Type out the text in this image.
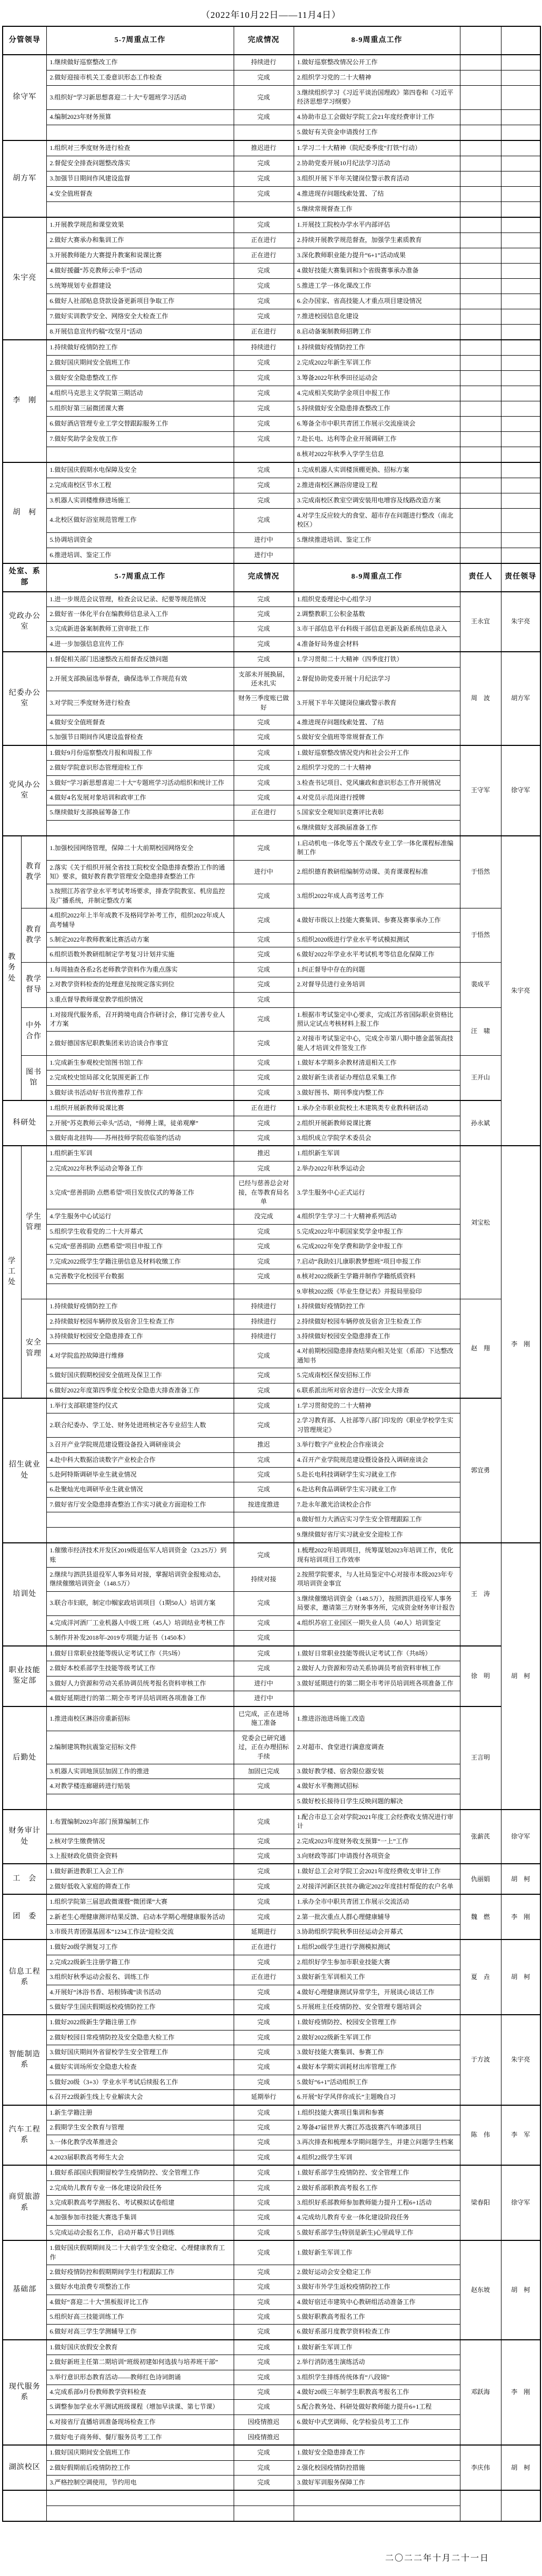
（2022年10月22日——11月4日）
分管领导		5-7周重点工作	完成情况	8-9周重点工作		
徐守军		1.继续做好巡察整改工作	持续进行	1.做好巡察整改情况公开工作		
		2.做好迎接市机关工委意识形态工作检查	完成	2.组织学习党的二十大精神		
		3.组织好“学习新思想喜迎二十大”专题班学习活动	完成	3.继续组织学习《习近平谈治国理政》第四卷和《习近平经济思想学习纲要》		
		4.编制2023年财务预算	完成	4.协助市总工会做好学院工会21年度经费审计工作		
				5.做好有关资金申请拨付工作		
胡方军		1.组织对三季度财务进行检查	推迟进行	1.学习二十大精神（院纪委季度“打铁”行动）		
		2.督促安全排查问题整改落实	完成	2.协助党委开展10月纪法学习活动		
		3.加强节日期间作风建设监督	完成	3.组织开展下半年关键岗位警示教育活动		
		4.安全值班督查	完成	4.推进现存问题线索处置、了结		
				5.继续常规督查工作		
朱宇亮		1.开展教学规范和课堂效果	完成	1.开展技工院校办学水平内部评估		
		2.做好大赛承办和集训工作	正在进行	2.持续开展教学规范督查，加强学生素质教育		
		3.开展教师能力大赛提升教案和说课比赛	正在进行	3.深化教师职业能力提升“6+1”活动成果		
		4.做好援疆“苏克教师云牵手”活动	完成	4.做好技能大赛集训和3个省级赛事承办准备		
		5.统筹规划专业群建设	完成	5.推进工学一体化课改工作		
		6.做好人社部贴息贷款设备更新项目争取工作	完成	6.会办国家、省高技能人才重点项目建设情况		
		7.做好实训教学安全、网络安全大检查工作	完成	7.推进校园信息化建设		
		8.开展信息宣传约稿“攻坚月”活动	正在进行	8.启动备案制教师招聘工作		
李　刚		1.持续做好疫情防控工作	持续进行	1.持续做好疫情防控工作		
		2.做好国庆期间安全值班工作	完成	2.完成2022年新生军训工作		
		3.做好安全隐患整改工作	完成	3.筹备2022年秋季田径运动会		
		4.组织马克思主义学院第三期活动	完成	4.完成相关奖助学金项目申报工作		
		5.组织好第三届微团课大赛	完成	5.持续做好安全隐患排查整改工作		
		6.做好酒店管理专业工学交替跟踪服务工作	完成	6.筹备全市中职共青团工作展示交流座谈会		
		7.做好奖助学金发放工作	完成	7.赴长电、达利等企业开展调研工作		
				8.核对2022年秋季入学学生信息		
胡　柯		1.做好国庆假期水电保障及安全	完成	1.完成机器人实训楼顶棚更换、招标方案		
		2.完成南校区节水工程	完成	2.推进南校区淋浴房建设工程		
		3.机器人实训楼维修进场施工	完成	3.完成南校区教室空调安装用电增容及线路改造方案		
		4.北校区做好浴室规范管理工作	完成	4.对学生反应较大的食堂、超市存在问题进行整改（南北校区）		
		5.协调培训资金	进行中	5.继续推进培训、鉴定工作		
		6.推进培训、鉴定工作	进行中			
处室、系部		5-7周重点工作	完成情况	8-9周重点工作	责任人	责任领导
党政办公室		1.进一步规范会议管理，检查会议记录、纪要等规范情况	完成	1.组织党委理论中心组学习	王永宜	朱宇亮
		2.做好省一体化平台在编教师信息录入工作	完成	2.调整教职工公积金基数		
		3.完成新进备案制教师工资审批工作	完成	3.市干部信息平台科级干部信息更新及新系统信息录入		
		4.进一步加强信息宣传工作	完成	4.准备好局务虚会材料		
纪委办公室		1.督促相关部门迅速整改五组督查反馈问题	完成	1.学习贯彻二十大精神（四季度打铁）	周　波	胡方军
		2.开展支部换届选举督查，确保选举工作规范有效	支部未开展换届，还未扎实	2.督促协助党委开展十月纪法学习		
		3.对学院三季度财务进行检查	财务三季度账已做好	3.开展下半年关键岗位廉政警示教育		
		4.做好安全值班督查	完成	4.推进现存问题线索处置、了结		
		5.加强节日期间作风建设监督检查	完成	5.做好安全值班等常规督查工作		
党风办公室		1.做好9月份巡察整改月报和周报工作	完成	1.做好巡察整改情况党内和社会公开工作	王守军	徐守军
		2.做好学院意识形态管理迎检工作	完成	2.组织学习党的二十大精神		
		3.做好“学习新思想喜迎二十大”专题班学习活动组织和统计工作	完成	3.检查书记项目、党风廉政和意识形态工作开展情况		
		4.做好4名发展对象培训和政审工作	完成	4.对党员示范岗进行授牌		
		5.继续做好支部换届筹备工作	正在进行	5.国家安全观知识竞赛评比表彰		
				6.继续做好支部换届准备工作		
教务处	教育教学	1.加强校园网络管理，保障二十大前期校园网络安全	完成	1.启动机电一体化等五个课改专业工学一体化课程标准编制工作	于悟然	朱宇亮
		2.落实《关于组织开展全省技工院校安全隐患排查整治工作的通知》要求，做好教育教学管理安全隐患排查整治工作	进行中	2.组织德育教研组编制劳动课、美育课课程标准		
		3.按照江苏省学业水平考试考场要求，排查学院教室、机房监控及广播系统，并制定整改方案	完成	3.组织2022年成人高考送考工作		
	教育教学	4.组织2022年上半年成教不及格同学补考工作，组织2022年成人高考辅导	完成	4.做好市级以上技能大赛集训、参赛及赛事承办工作	于悟然	
		5.制定2022年教师教案比赛活动方案	完成	5.组织2020级进行学业水平考试模拟测试		
		6.组织语数外教研组制定学考复习计划并实施	完成	6.做好2022年学业水平考试机考等信息化保障工作		
	教学督导	1.每周抽查各系2名老师教学资料作为重点落实	完成	1.纠正督导中存在的问题	裴成平	
		2.对教学资料检查的处理意见按规定落实到位	完成	2.对督导员进行业务培训		
		3.重点督导教师课堂教学组织情况	完成			
	中外合作	1.对接现代服务系，召开跨境电商合作研讨会，修订完善专业人才方案	完成	1.根据市考试鉴定中心要求，完成江苏省国际职业资格比照认定试点考核材料上报工作	汪　啸	
		2.做好德国客尼职教集团来访洽谈合作事宜	完成	2.对接市考试鉴定中心，完成全市第八期中德金蓝领高技能人才培训文件签发工作		
	图书馆	1.完成新生参观校史馆图书馆工作	完成	1.做好本学期多余教材清退相关工作	王开山	
		2.完成校史馆局部文化氛围更新工作	完成	2.做好新生读者证办理信息采集工作		
		3.做好读书活动好书宣传推荐工作	完成	3.做好图书、期刊季度内整工作		
科研处		1.组织开展新教师说课比赛	正在进行	1.承办全市职业院校土木建筑类专业教科研活动	孙永斌	
		2.开展“苏克教师云牵头”活动，“师傅上课，徒弟观摩”	完成	2.组织开展新教师说课比赛		
		3.做好南北挂钩——苏州技师学院莅临签约活动	完成	3.组织成立学院学术委员会		
学工处	学生管理	1.组织新生军训	推迟	1.组织新生军训	刘宝松	李　刚
		2.完成2022年秋季运动会筹备工作	完成	2.举办2022年秋季运动会		
		3.完成“慈善捐助 点燃希望”项目发放仪式的筹备工作	已经与慈善总会对接，在等教育局名单	3.学生服务中心正式运行		
		4.学生服务中心试运行	没完成	4.组织学生学习二十大精神系列活动		
		5.组织学生收看党的二十大开幕式	完成	5.完成2022年中职国家奖学金申报工作		
		6.完成“慈善捐助 点燃希望”项目申报工作	完成	6.完成2022年免学费和助学金申报工作		
		7.完成2022级学生学籍注册信息及材料收缴工作	完成	7.启动“我助妇儿康职教梦想班”项目申报工作		
		8.完善数字化校园平台数据	完成	8.核对2022级新生学籍并制作学籍纸质资料		
				9.审核2022级《毕业生登记表》并报局里验印		
	安全管理	1.持续做好疫情防控工作	持续进行	1.持续做好疫情防控工作	赵　翔	
		2.持续做好校园车辆停放及宿舍卫生检查工作	持续进行	2.持续做好校园车辆停放及宿舍卫生检查工作		
		3.持续做好校园安全隐患排查工作	持续进行	3.持续做好校园安全隐患排查工作		
		4.对学院监控故障进行维修	完成	4.对前期校园隐患排查结果向相关处室（系部）下达整改通知书		
		5.做好国庆假期校园安全值班及保卫工作	完成	5.完成南校区保安招标工作		
		6.做好2022年度第四季度全校安全隐患大排查准备工作	完成	6.联系派出所对宿舍进行一次安全大排查		
招生就业处		1.举行支部联建签约仪式	完成	1.学习贯彻党的二十大精神	郭宜勇	
		2.联合纪委办、学工处、财务处进班核定各专业招生人数	完成	2.学习教育部、人社部等八部门印发的《职业学校学生实习管理规定》		
		3.召开产业学院规范建设暨设备投入调研座谈会	推迟	3.举行数字产业校企合作座谈会		
		4.赴中科大数据洽谈数字产业校企合作	完成	4.召开产业学院规范建设暨设备投入调研座谈会		
		5.赴阿特斯调研毕业生就业情况	完成	5.赴长电科技调研学生实习就业工作		
		6.赴聚灿光电调研毕业生就业情况	完成	6.赴达利食品调研学生实习就业工作		
		7.做好省厅安全隐患排查整治工作实习就业方面迎检工作	按进度推进	7.赴永年激光洽谈校企合作		
				8.做好恒力大酒店实习学生安全管理跟踪工作		
				9.继续做好省厅实习就业安全迎检工作		
培训处		1.催缴市经济技术开发区2019级退伍军人培训资金（23.25万）到账	完成	1.梳理2022年培训项目，统筹谋划2023年培训工作，优化现有培训项目工作效率	王　涛	胡　柯
		2.继续与泗洪县退役军人事务局对接，掌握培训资金报账动态，继续催缴培训资金（148.5万）	持续对接	2.按照学院要求，与人社局鉴定中心对接市本级2023年专项培训资金事宜		
		3.联合市妇联，制定巾帼家政培训项目（1期50人）培训方案	完成	3.继续催缴培训资金（148.5万），按照泗洪退役军人事务局要求，邀请第三方财务事务所，完成资金财务审计报告		
		4.完成洋河酒厂工业机器人中级工班（45人）培训结业考核工作	完成	4.组织苏宿工业园区一期失业人员（40人）培训鉴定		
		5.制作并补发2018年-2019专项能力证书（1450本）	完成			
职业技能鉴定部		1.做好日常职业技能等级认定考试工作（共5场）	完成	1.做好日常职业技能等级认定考试工作（共8场）	徐　明	
		2.做好本校系部学生技能等级考试工作	完成	2.做好人力资源和劳动关系协调员考前资料审核工作		
		3.做好人力资源和劳动关系协调员统考报名资料审核工作	进行中	3.做好延期进行的第二期全市考评员培训班各项准备工作		
		4.做好延期进行的第二期全市考评员培训班各项准备工作	进行中			
后勤处		1.推进南校区淋浴房重新招标	已完成，正在进场施工准备	1.推进浴池进场施工改造	王言明	
		2.编制建筑物抗震鉴定招标文件	党委会已研究通过，正在办理招标手续	2.对超市、食堂进行满意度调查		
		3.机器人实训地顶层加固工作的推进	加固已完成	3.做好教学楼、宿舍限位器安装		
		4.对教学楼连廊磁砖进行贴装	完成	4.做好水平衡测试招标		
				5.做好校长接待日学生反映问题的解决		
财务审计处		1.布置编制2023年部门预算编制工作	完成	1.配合市总工会对学院2021年度工会经费收支情况进行审计	张薪芪	徐守军
		2.核对学生缴费情况	完成	2.完成2023年度财务收支预算“一上”工作		
		3.上报财政化债资金资料	完成	3.向财政等部门申请拨付各项资金		
工　会		1.做好新进教职工入会工作	完成	1.做好总工会对学院工会2021年度经费收支审计工作	仇丽娟	胡　柯
		2.做好低收入家庭的筛查工作	完成	2.对接洋河新区扶贫办确定2022年度挂村帮促的农户名单		
团　委		1.组织学院第三届思政微课暨“微团课”大赛	完成	1.承办全市中职共青团工作展示交流活动	魏　燃	李　刚
		2.新老生心理健康测评结果反馈、启动本学期心理健康服务活动	完成	2.第一批次重点人群心理健康辅导		
		3.市级共青团强基固本“1234工作法”迎检交流	延期进行	3.协助组织学院秋季田径运动会开幕式		
信息工程系		1.做好20级学测复习工作	正在进行	1.组织20级学生进行学测模拟测试	夏　垚	胡　柯
		2.完成22级新生注册学籍工作	完成	2.组织好学生参加市职业技能大赛		
		3.组织好秋季运动会报名、训练工作	正在进行	3.做好新生军训相关工作		
		4.开展好“沐浴书香、培根铸魂”读书活动	完成	4.做好心理健康测试异常学生，开展谈心谈话工作		
		5.做好学生国庆假期返校疫情防控工作	完成	5.开展班主任疫情防控、安全管理专题培训会		
智能制造系		1.做好2022级新生学籍注册工作	完成	1.做好疫情防控、校园安全管理工作	于方波	朱宇亮
		2.做好校园日常疫情防控及安全隐患大检工作	完成	2.做好2022级新生军训工作		
		3.做好国庆期间外省留校学生安全管理工作	完成	3.做好技能大赛集训、参赛工作		
		4.做好实训场所安全隐患大检查	完成	4.做好本学期实训耗材出库管理工作		
		5.做好20级（3+3）学业水平考试后续报名工作	完成	5.做好“6+1”活动组织工作		
		6.召开22级新生线上专业解读大会	延期举行	6.开展“好学风伴你成长”主题晚自习		
汽车工程系		1.新生学籍注册	完成	1.组织技能大赛项目集训和参赛	陈　伟	李　军
		2.假期学生安全教育与管理	完成	2.筹备47届世界大赛江苏选拔赛汽车喷漆项目		
		3.一体化教学改革推进会	完成	3.再次排查和梳理本学期问题学生，并建立问题学生档案		
		4.2023届职教高考师生大会	完成	4.组织22级学生军训		
商贸旅游系		1.做好系部国庆假期留校学生疫情防控、安全管理工作	完成	1.做好系部学生疫情防控、安全管理工作	梁春阳	徐守军
		2.完成幼儿教育专业一体化建设阶段任务	完成	2.做好系部职教高考报名工作		
		3.完成职教高考学测报名、考试模拟试卷组建	完成	3.组织好系部教师参加教师能力提升工程6+1活动		
		4.加强参加市技能大赛选手集训	完成	4.完成幼儿教育专业一体化建设阶段任务		
		5.完成运动会报名工作，启动开幕式节目训练	完成	5.做好系部学生(特别是新生)心里疏导工作		
基础部		1.做好国庆假期期间及二十大前学生安全稳定、心理健康教育工作	完成	1.做好新生军训工作	赵东坡	胡　柯
		2.做好疫情防控和假期期间学生行程跟踪工作	完成	2.做好运动会安全稳定工作		
		3.做好水电浪费专项整治工作	完成	3.做好市外学生返校疫情防控工作		
		4.做好“喜迎二十大”黑板报评比工作	完成	4.做好宿迁市建筑中心教研组活动准备工作		
		5.组织好高三技能训练工作	完成	5.做好职教高考报名工作		
		6.做好对高三学生学测辅导工作	完成	6.做好系部月度教学资料检查工作		
现代服务系		1.做好国庆放假安全教育	完成	1.做好新生军训工作	邓跃海	李　刚
		2.做好新班主任第二期培训“班级初建如何选拔与培养班干部”	完成	2.举行消防逃生演练活动		
		3.举行意识形态教育活动——教师红色诗词朗诵	完成	3.组织学生排练传统体育“八段锦”		
		4.完成系部9月份教师教学资料检查	完成	4.做好20级三年制学生职教高考报名工作		
		5.调整参加学业水平测试班级课程（增加早读课、第七节课）	完成	5.配合教务处、科研处做好教师能力提升6+1工程		
		6.对接省厅直播培训准备现场检查工作	因疫情推迟	6.做好中式烹调师、化学检验员考工工作		
		7.做好电子商务师、餐厅服务员考工工作	因疫情推迟			
湖滨校区		1.做好国庆期间安全值班工作	完成	1.做好安全隐患排查工作	李庆伟	胡　柯
		2.做好假期前后疫情防控工作	完成	2.强化校园疫情防控措施		
		3.严格控制空调使用，节约用电	完成	3.做好军训服务保障工作		

二〇二二年十月二十一日
